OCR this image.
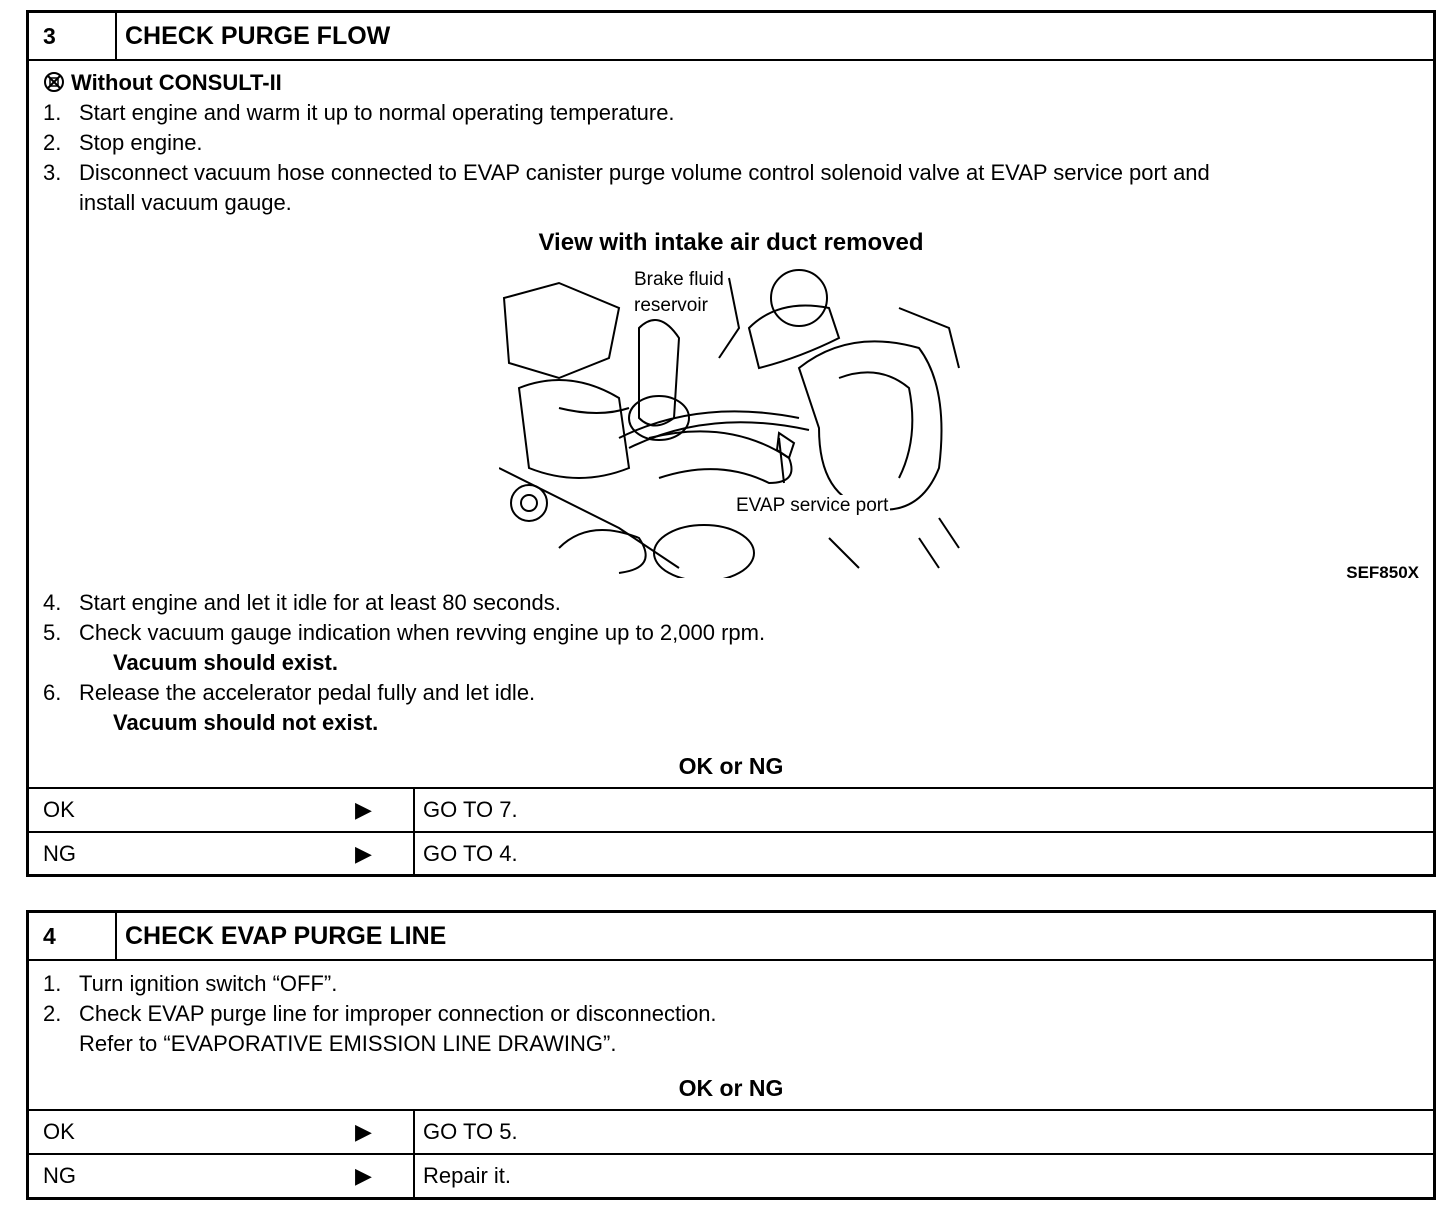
3	CHECK PURGE FLOW
Without CONSULT-II
1. Start engine and warm it up to normal operating temperature.
2. Stop engine.
3. Disconnect vacuum hose connected to EVAP canister purge volume control solenoid valve at EVAP service port and
install vacuum gauge.
View with intake air duct removed
Brake fluid
reservoir
EVAP service port
SEF850X
4. Start engine and let it idle for at least 80 seconds.
5. Check vacuum gauge indication when revving engine up to 2,000 rpm.
Vacuum should exist.
6. Release the accelerator pedal fully and let idle.
Vacuum should not exist.
OK or NG
OK	▶	GO TO 7.
NG	▶	GO TO 4.
4	CHECK EVAP PURGE LINE
1. Turn ignition switch “OFF”.
2. Check EVAP purge line for improper connection or disconnection.
Refer to “EVAPORATIVE EMISSION LINE DRAWING”.
OK or NG
OK	▶	GO TO 5.
NG	▶	Repair it.
